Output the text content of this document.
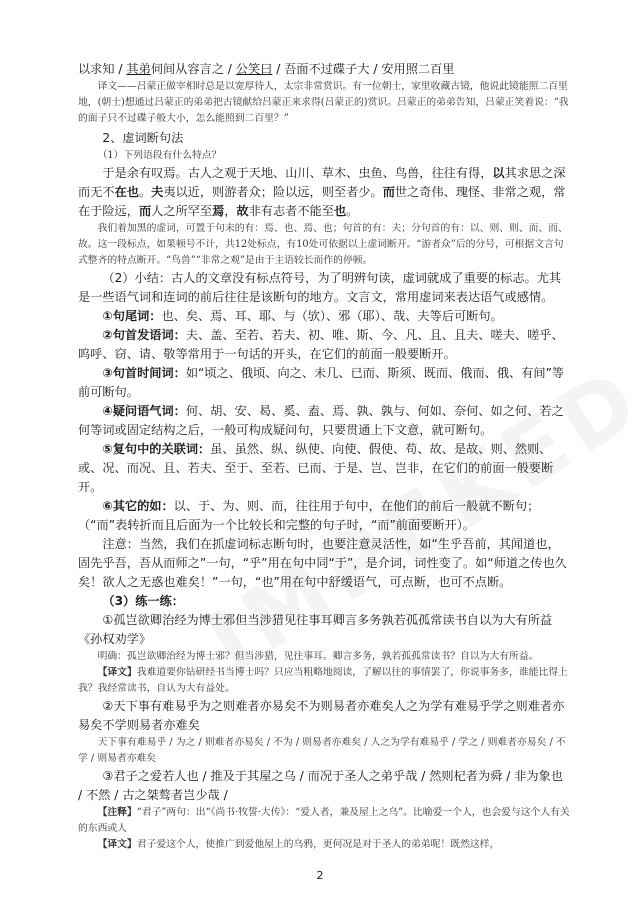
以求知 / 其弟伺间从容言之 / 公笑曰 / 吾面不过碟子大 / 安用照二百里

译文——吕蒙正做宰相时总是以宽厚待人，太宗非常赏识。有一位朝士，家里收藏古镜，他说此镜能照二百里地，(朝士)想通过吕蒙正的弟弟把古镜献给吕蒙正来求得(吕蒙正的)赏识。吕蒙正的弟弟告知，吕蒙正笑着说：“我的面子只不过碟子般大小，怎么能照到二百里？”

2、虚词断句法

（1）下列语段有什么特点？

于是余有叹焉。古人之观于天地、山川、草木、虫鱼、鸟兽，往往有得，以其求思之深而无不在也。夫夷以近，则游者众；险以远，则至者少。而世之奇伟、瑰怪、非常之观，常在于险远，而人之所罕至焉，故非有志者不能至也。

我们着加黑的虚词，可置于句末的有：焉、也、焉、也；句首的有：夫；分句首的有：以、则、则、而、而、故。这一段标点，如果顿号不计，共12处标点，有10处可依据以上虚词断开。“游者众”后的分号，可根据文言句式整齐的特点断开。“鸟兽”“非常之观”是由于主语较长而作的停顿。

（2）小结：古人的文章没有标点符号，为了明辨句读，虚词就成了重要的标志。尤其是一些语气词和连词的前后往往是该断句的地方。文言文，常用虚词来表达语气或感情。

①句尾词：也、矣、焉、耳、耶、与（欤）、邪（耶）、哉、夫等后可断句。

②句首发语词：夫、盖、至若、若夫、初、唯、斯、今、凡、且、且夫、嗟夫、嗟乎、呜呼、窃、请、敬等常用于一句话的开头，在它们的前面一般要断开。

③句首时间词：如“顷之、俄顷、向之、未几、已而、斯须、既而、俄而、俄、有间”等前可断句。

④疑问语气词：何、胡、安、曷、奚、盍、焉、孰、孰与、何如、奈何、如之何、若之何等词或固定结构之后，一般可构成疑问句，只要贯通上下文意，就可断句。

⑤复句中的关联词：虽、虽然、纵、纵使、向使、假使、苟、故、是故、则、然则、或、况、而况、且、若夫、至于、至若、已而、于是、岂、岂非，在它们的前面一般要断开。

⑥其它的如：以、于、为、则、而，往往用于句中，在他们的前后一般就不断句；（“而”表转折而且后面为一个比较长和完整的句子时，“而”前面要断开）。

注意：当然，我们在抓虚词标志断句时，也要注意灵活性，如“生乎吾前，其闻道也，固先乎吾，吾从而师之”一句，“乎”用在句中同“于”，是介词，词性变了。如“师道之传也久矣！欲人之无惑也难矣！”一句，“也”用在句中舒缓语气，可点断，也可不点断。

（3）练一练：

①孤岂欲卿治经为博士邪但当涉猎见往事耳卿言多务孰若孤孤常读书自以为大有所益《孙权劝学》

明确：孤岂欲卿治经为博士邪？但当涉猎，见往事耳。卿言多务，孰若孤孤常读书？自以为大有所益。

【译文】我难道要你钻研经书当博士吗？只应当粗略地阅读，了解以往的事情罢了，你说事务多，谁能比得上我？我经常读书，自认为大有益处。

②天下事有难易乎为之则难者亦易矣不为则易者亦难矣人之为学有难易乎学之则难者亦易矣不学则易者亦难矣

天下事有难易乎 / 为之 / 则难者亦易矣 / 不为 / 则易者亦难矣 / 人之为学有难易乎 / 学之 / 则难者亦易矣 / 不学 / 则易者亦难矣

③君子之爱若人也 / 推及于其屋之乌 / 而况于圣人之弟乎哉 / 然则杞者为舜 / 非为象也 / 不然 / 古之桀骜者岂少哉 /

【注释】“君子”两句：出“《尚书·牧誓·大传》：“爱人者，兼及屋上之乌”。比喻爱一个人，也会爱与这个人有关的东西或人

【译文】君子爱这个人，使推广到爱他屋上的乌鸦，更何况是对于圣人的弟弟呢！既然这样，

2
